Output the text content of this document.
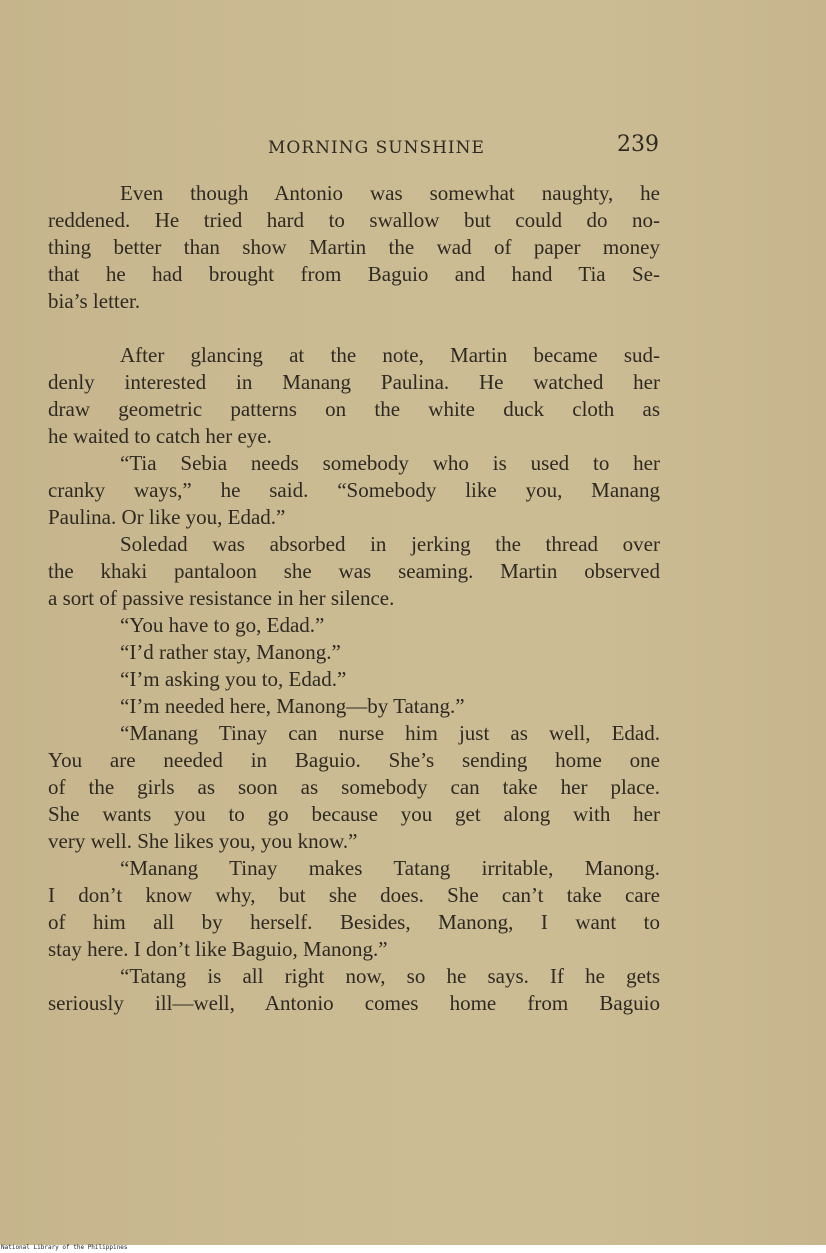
MORNING SUNSHINE	239

Even though Antonio was somewhat naughty, he
reddened. He tried hard to swallow but could do no-
thing better than show Martin the wad of paper money
that he had brought from Baguio and hand Tia Se-
bia’s letter.

After glancing at the note, Martin became sud-
denly interested in Manang Paulina. He watched her
draw geometric patterns on the white duck cloth as
he waited to catch her eye.

“Tia Sebia needs somebody who is used to her
cranky ways,” he said. “Somebody like you, Manang
Paulina. Or like you, Edad.”

Soledad was absorbed in jerking the thread over
the khaki pantaloon she was seaming. Martin observed
a sort of passive resistance in her silence.

“You have to go, Edad.”

“I’d rather stay, Manong.”

“I’m asking you to, Edad.”

“I’m needed here, Manong—by Tatang.”

“Manang Tinay can nurse him just as well, Edad.
You are needed in Baguio. She’s sending home one
of the girls as soon as somebody can take her place.
She wants you to go because you get along with her
very well. She likes you, you know.”

“Manang Tinay makes Tatang irritable, Manong.
I don’t know why, but she does. She can’t take care
of him all by herself. Besides, Manong, I want to
stay here. I don’t like Baguio, Manong.”

“Tatang is all right now, so he says. If he gets
seriously ill—well, Antonio comes home from Baguio

National Library of the Philippines
